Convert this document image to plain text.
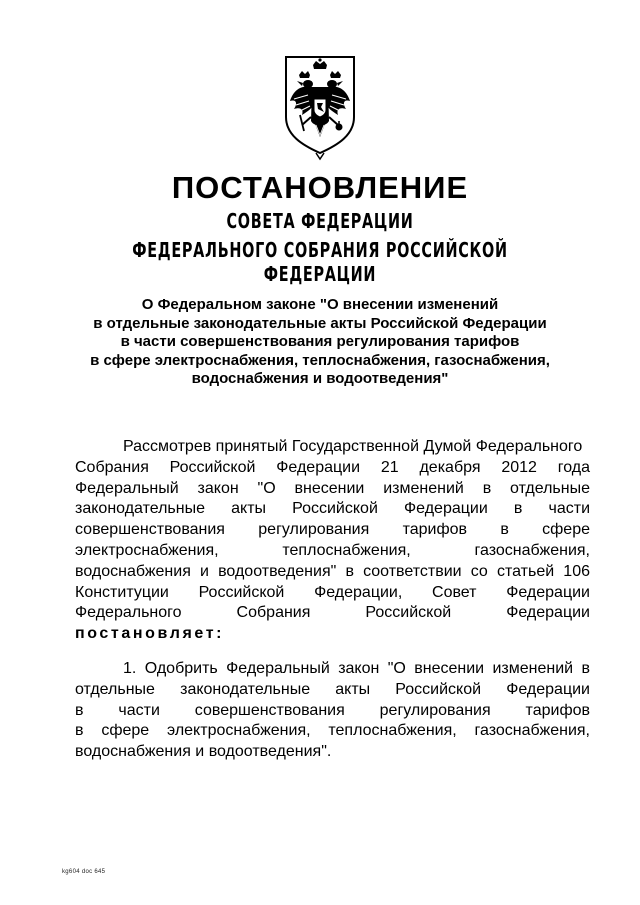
ПОСТАНОВЛЕНИЕ
СОВЕТА ФЕДЕРАЦИИ
ФЕДЕРАЛЬНОГО СОБРАНИЯ РОССИЙСКОЙ ФЕДЕРАЦИИ
О Федеральном законе "О внесении изменений
в отдельные законодательные акты Российской Федерации
в части совершенствования регулирования тарифов
в сфере электроснабжения, теплоснабжения, газоснабжения,
водоснабжения и водоотведения"
Рассмотрев принятый Государственной Думой Федерального
Собрания Российской Федерации 21 декабря 2012 года
Федеральный закон "О внесении изменений в отдельные
законодательные акты Российской Федерации в части
совершенствования регулирования тарифов в сфере
электроснабжения, теплоснабжения, газоснабжения,
водоснабжения и водоотведения" в соответствии со статьей 106
Конституции Российской Федерации, Совет Федерации
Федерального Собрания Российской Федерации
постановляет:
1. Одобрить Федеральный закон "О внесении изменений в
отдельные законодательные акты Российской Федерации
в части совершенствования регулирования тарифов
в сфере электроснабжения, теплоснабжения, газоснабжения,
водоснабжения и водоотведения".
kg604 doc 645
